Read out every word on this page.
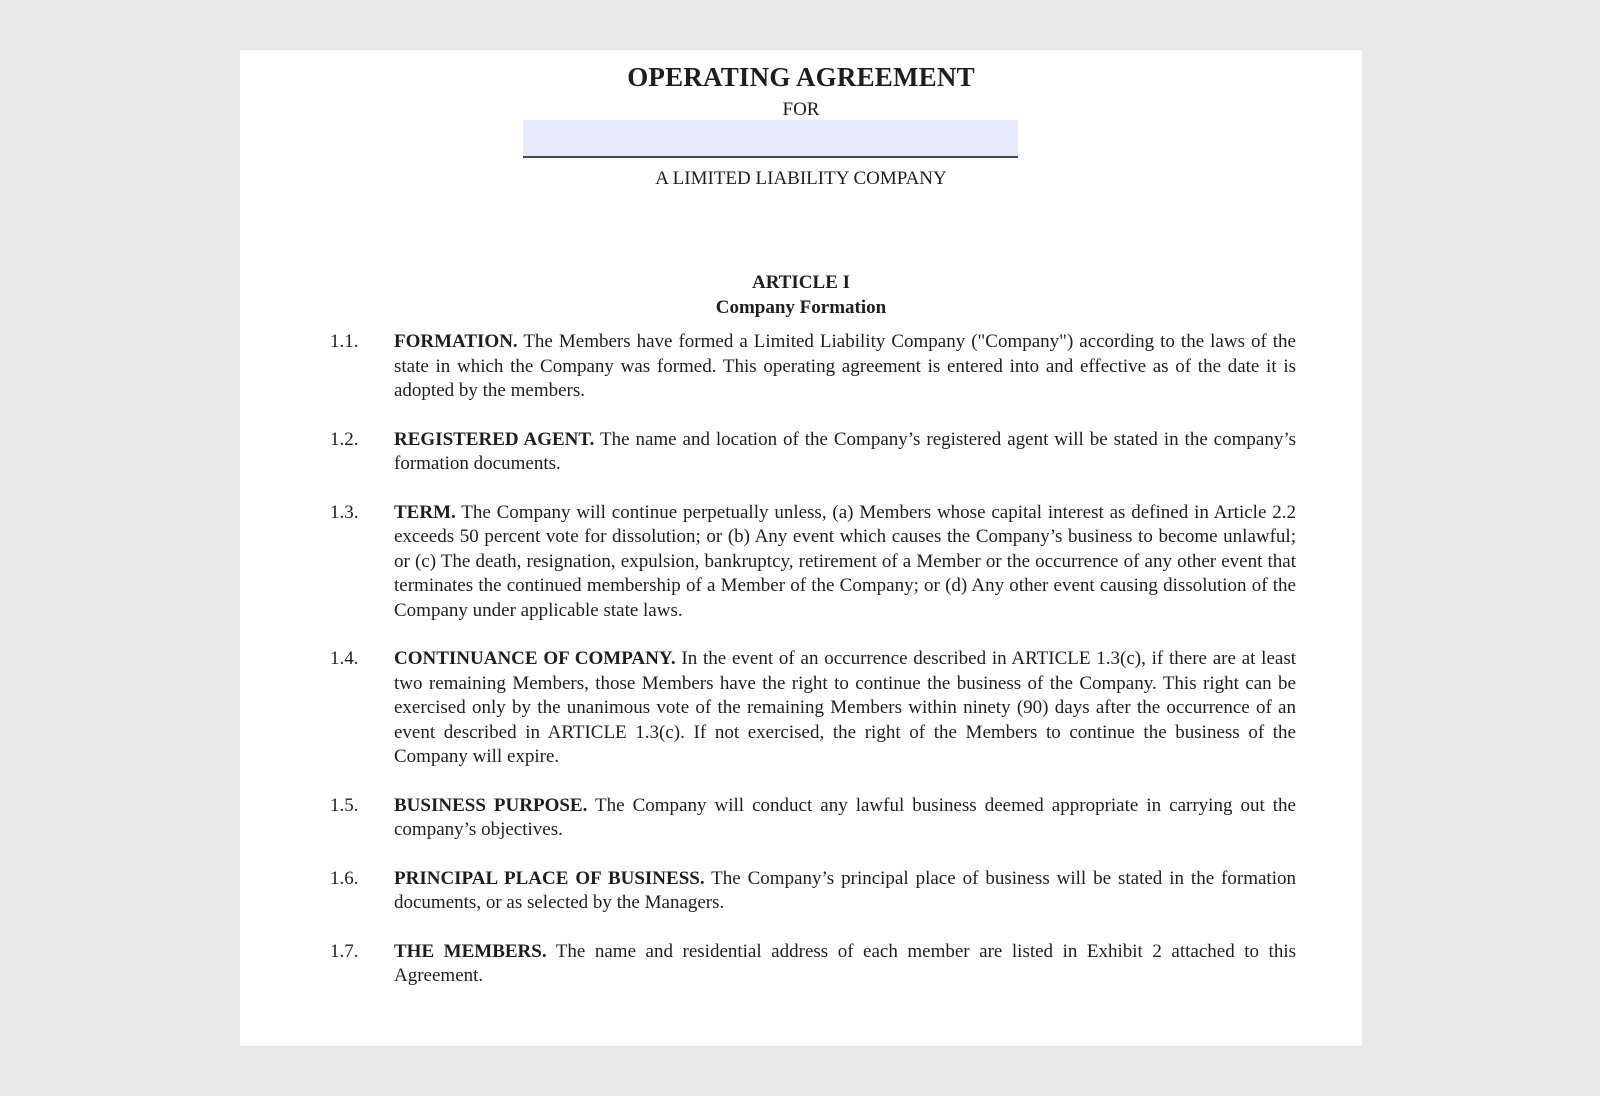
OPERATING AGREEMENT
FOR
A LIMITED LIABILITY COMPANY
ARTICLE I
Company Formation
1.1. FORMATION. The Members have formed a Limited Liability Company ("Company") according to the laws of the state in which the Company was formed. This operating agreement is entered into and effective as of the date it is adopted by the members.
1.2. REGISTERED AGENT. The name and location of the Company’s registered agent will be stated in the company’s formation documents.
1.3. TERM. The Company will continue perpetually unless, (a) Members whose capital interest as defined in Article 2.2 exceeds 50 percent vote for dissolution; or (b) Any event which causes the Company’s business to become unlawful; or (c) The death, resignation, expulsion, bankruptcy, retirement of a Member or the occurrence of any other event that terminates the continued membership of a Member of the Company; or (d) Any other event causing dissolution of the Company under applicable state laws.
1.4. CONTINUANCE OF COMPANY. In the event of an occurrence described in ARTICLE 1.3(c), if there are at least two remaining Members, those Members have the right to continue the business of the Company. This right can be exercised only by the unanimous vote of the remaining Members within ninety (90) days after the occurrence of an event described in ARTICLE 1.3(c). If not exercised, the right of the Members to continue the business of the Company will expire.
1.5. BUSINESS PURPOSE. The Company will conduct any lawful business deemed appropriate in carrying out the company’s objectives.
1.6. PRINCIPAL PLACE OF BUSINESS. The Company’s principal place of business will be stated in the formation documents, or as selected by the Managers.
1.7. THE MEMBERS. The name and residential address of each member are listed in Exhibit 2 attached to this Agreement.
